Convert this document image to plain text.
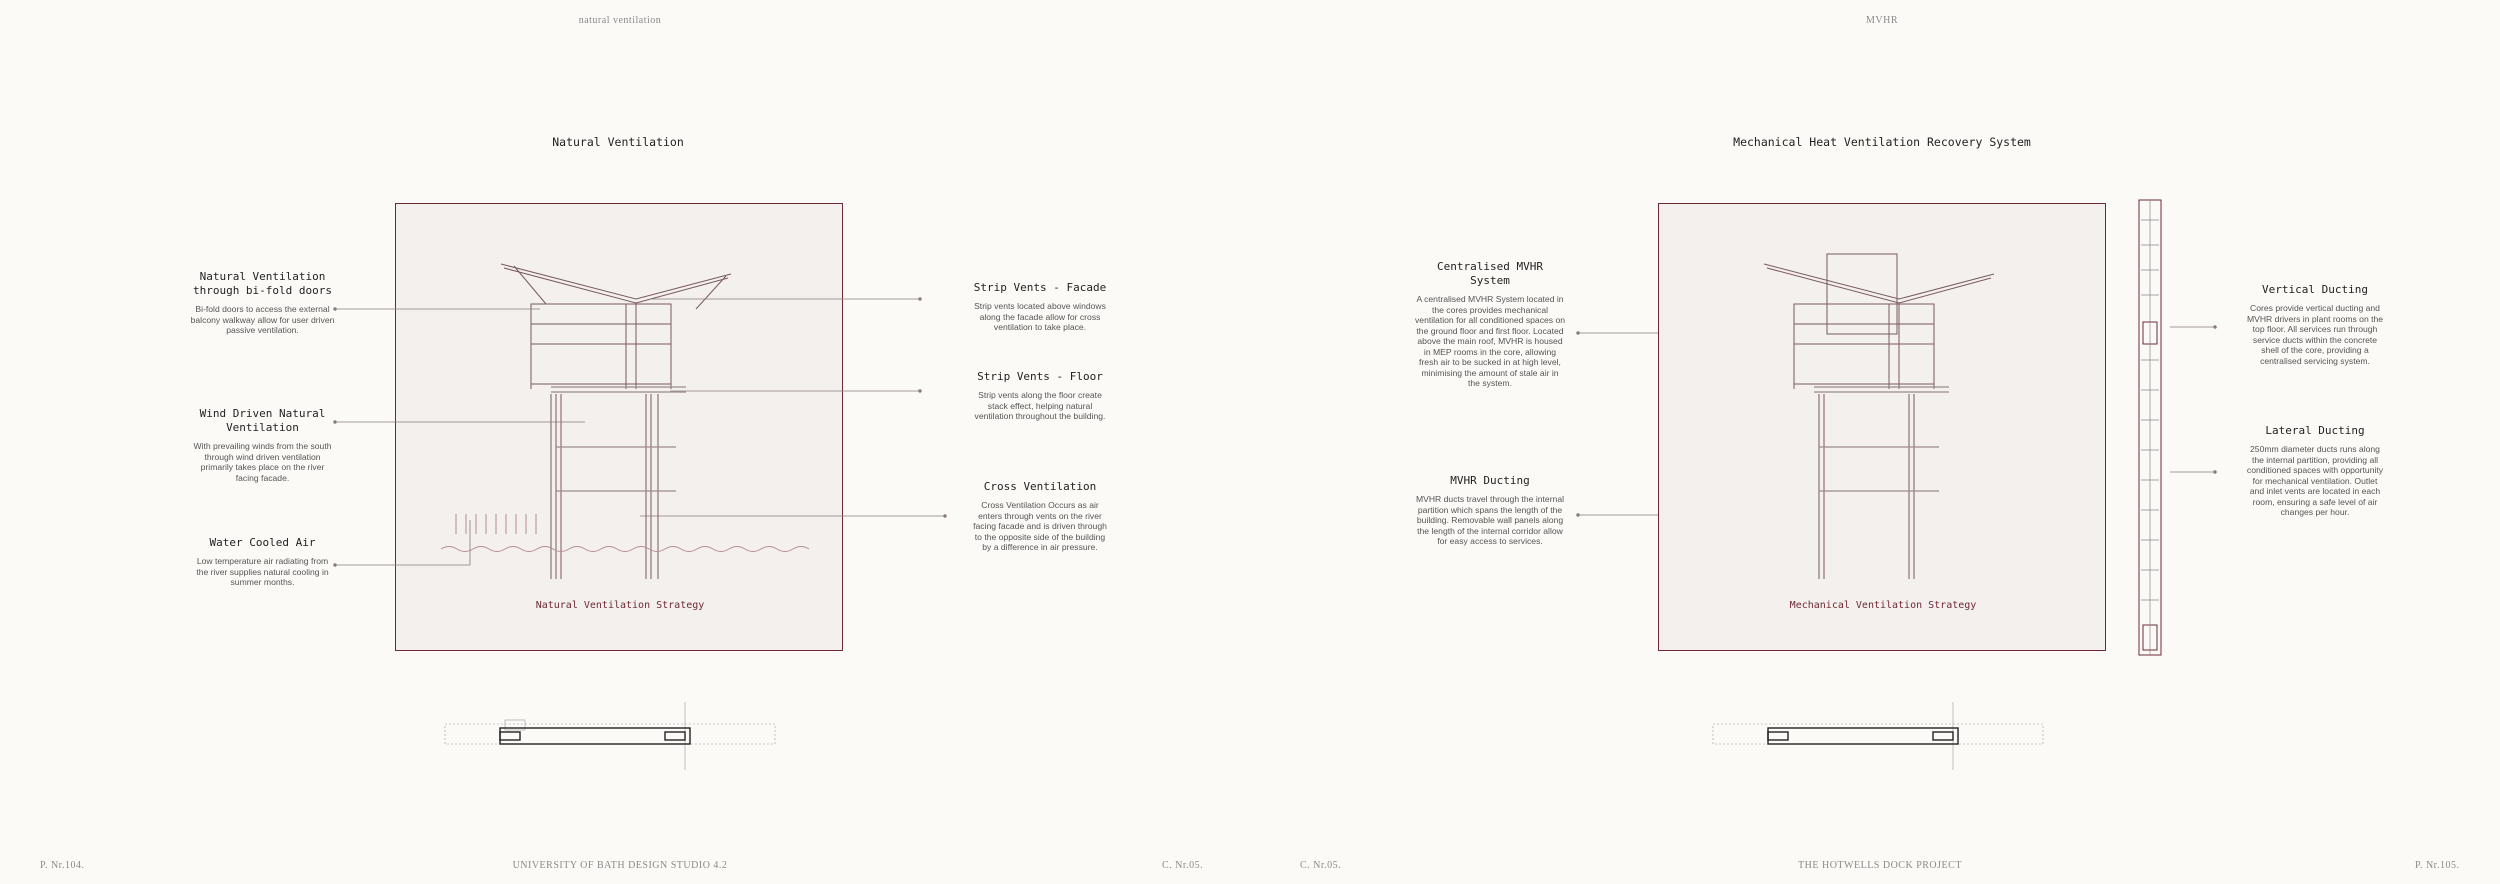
natural ventilation	MVHR
Natural Ventilation	Mechanical Heat Ventilation Recovery System
Natural Ventilation Strategy
Natural Ventilation through bi-fold doors
Bi-fold doors to access the external balcony walkway allow for user driven passive ventilation.
Wind Driven Natural Ventilation
With prevailing winds from the south through wind driven ventilation primarily takes place on the river facing facade.
Water Cooled Air
Low temperature air radiating from the river supplies natural cooling in summer months.
Strip Vents - Facade
Strip vents located above windows along the facade allow for cross ventilation to take place.
Strip Vents - Floor
Strip vents along the floor create stack effect, helping natural ventilation throughout the building.
Cross Ventilation
Cross Ventilation Occurs as air enters through vents on the river facing facade and is driven through to the opposite side of the building by a difference in air pressure.
Mechanical Ventilation Strategy
Centralised MVHR System
A centralised MVHR System located in the cores provides mechanical ventilation for all conditioned spaces on the ground floor and first floor. Located above the main roof, MVHR is housed in MEP rooms in the core, allowing fresh air to be sucked in at high level, minimising the amount of stale air in the system.
MVHR Ducting
MVHR ducts travel through the internal partition which spans the length of the building. Removable wall panels along the length of the internal corridor allow for easy access to services.
Vertical Ducting
Cores provide vertical ducting and MVHR drivers in plant rooms on the top floor. All services run through service ducts within the concrete shell of the core, providing a centralised servicing system.
Lateral Ducting
250mm diameter ducts runs along the internal partition, providing all conditioned spaces with opportunity for mechanical ventilation. Outlet and inlet vents are located in each room, ensuring a safe level of air changes per hour.
P. Nr.104.	UNIVERSITY OF BATH DESIGN STUDIO 4.2	C. Nr.05.	C. Nr.05.	THE HOTWELLS DOCK PROJECT	P. Nr.105.
